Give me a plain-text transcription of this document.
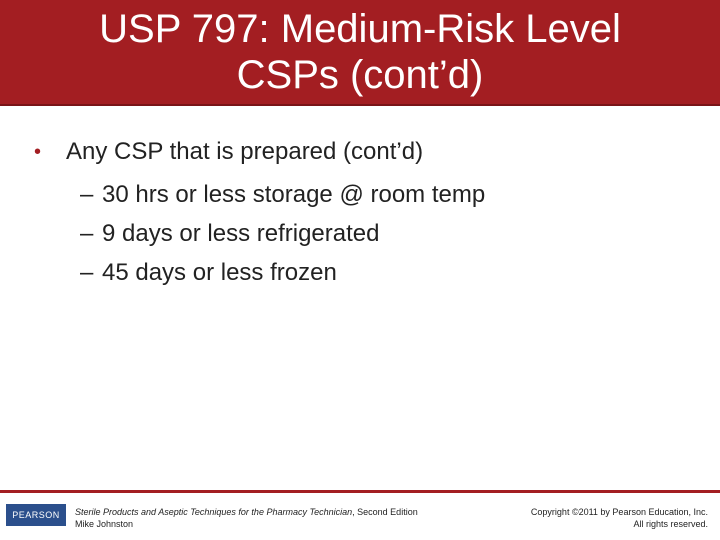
USP 797: Medium-Risk Level
CSPs (cont’d)
• Any CSP that is prepared (cont’d)
– 30 hrs or less storage @ room temp
– 9 days or less refrigerated
– 45 days or less frozen
PEARSON	Sterile Products and Aseptic Techniques for the Pharmacy Technician, Second Edition
Mike Johnston
Copyright ©2011 by Pearson Education, Inc.
All rights reserved.
